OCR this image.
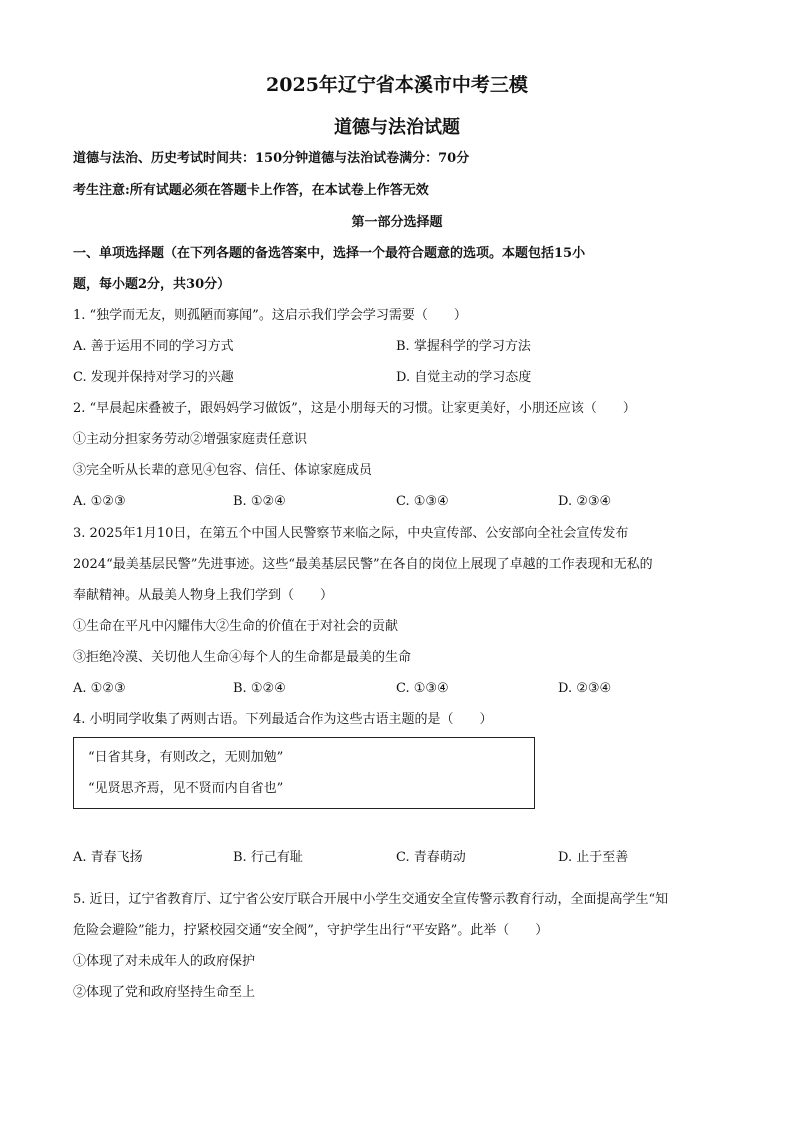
2025年辽宁省本溪市中考三模
道德与法治试题
道德与法治、历史考试时间共：150分钟道德与法治试卷满分：70分
考生注意:所有试题必须在答题卡上作答，在本试卷上作答无效
第一部分选择题
一、单项选择题（在下列各题的备选答案中，选择一个最符合题意的选项。本题包括15小
题，每小题2分，共30分）
1. “独学而无友，则孤陋而寡闻”。这启示我们学会学习需要（　　）
A. 善于运用不同的学习方式	B. 掌握科学的学习方法
C. 发现并保持对学习的兴趣	D. 自觉主动的学习态度
2. “早晨起床叠被子，跟妈妈学习做饭”，这是小朋每天的习惯。让家更美好，小朋还应该（　　）
①主动分担家务劳动②增强家庭责任意识
③完全听从长辈的意见④包容、信任、体谅家庭成员
A. ①②③	B. ①②④	C. ①③④	D. ②③④
3. 2025年1月10日，在第五个中国人民警察节来临之际，中央宣传部、公安部向全社会宣传发布
2024“最美基层民警”先进事迹。这些“最美基层民警”在各自的岗位上展现了卓越的工作表现和无私的
奉献精神。从最美人物身上我们学到（　　）
①生命在平凡中闪耀伟大②生命的价值在于对社会的贡献
③拒绝冷漠、关切他人生命④每个人的生命都是最美的生命
A. ①②③	B. ①②④	C. ①③④	D. ②③④
4. 小明同学收集了两则古语。下列最适合作为这些古语主题的是（　　）
“日省其身，有则改之，无则加勉”
“见贤思齐焉，见不贤而内自省也”
A. 青春飞扬	B. 行己有耻	C. 青春萌动	D. 止于至善
5. 近日，辽宁省教育厅、辽宁省公安厅联合开展中小学生交通安全宣传警示教育行动，全面提高学生“知
危险会避险”能力，拧紧校园交通“安全阀”，守护学生出行“平安路”。此举（　　）
①体现了对未成年人的政府保护
②体现了党和政府坚持生命至上
